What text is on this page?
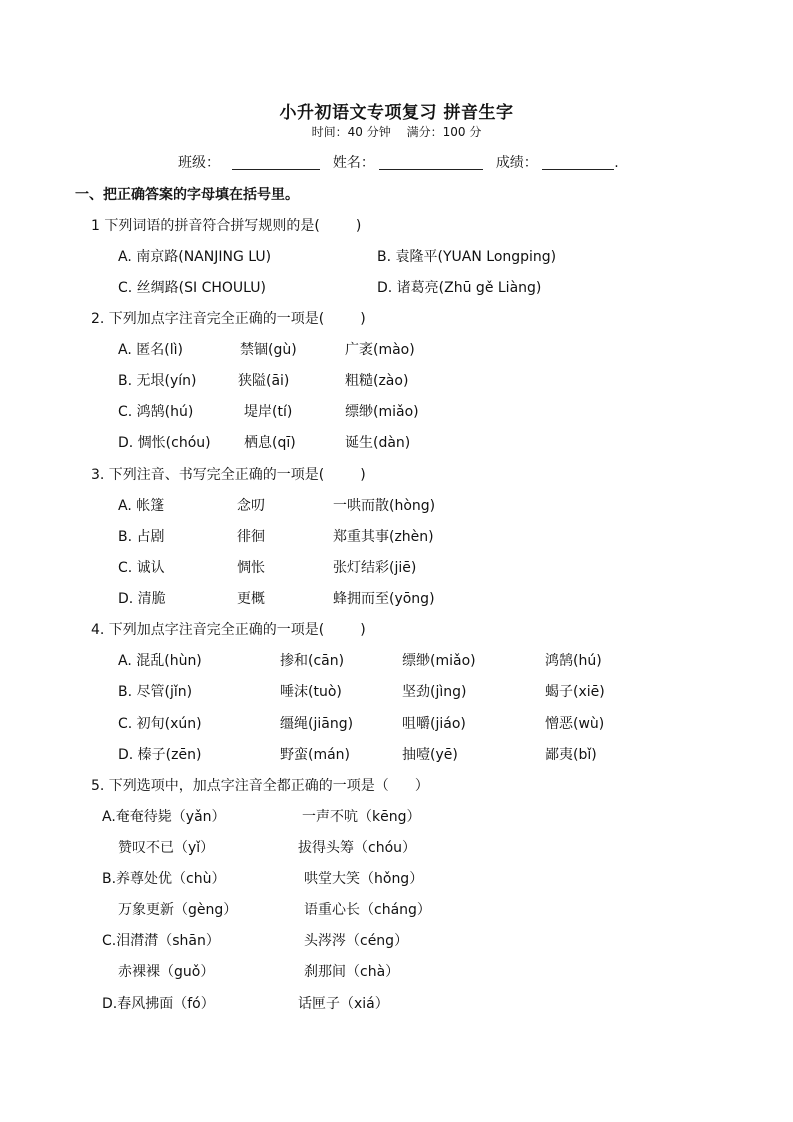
小升初语文专项复习 拼音生字
时间：40 分钟 满分：100 分
班级：	姓名：	成绩：	.
一、把正确答案的字母填在括号里。
1 下列词语的拼音符合拼写规则的是(	)
A. 南京路(NANJING LU)	B. 袁隆平(YUAN Longping)
C. 丝绸路(SI CHOULU)	D. 诸葛亮(Zhū gě Liàng)
2. 下列加点字注音完全正确的一项是(	)
A. 匿名(lì)	禁锢(gù)	广袤(mào)
B. 无垠(yín)	狭隘(āi)	粗糙(zào)
C. 鸿鹄(hú)	堤岸(tí)	缥缈(miǎo)
D. 惆怅(chóu) 栖息(qī)	诞生(dàn)
3. 下列注音、书写完全正确的一项是(	)
A. 帐篷	念叨	一哄而散(hòng)
B. 占剧	徘徊	郑重其事(zhèn)
C. 诚认	惆怅	张灯结彩(jiē)
D. 清脆	更概	蜂拥而至(yōng)
4. 下列加点字注音完全正确的一项是(	)
A. 混乱(hùn)	掺和(cān)	缥缈(miǎo)	鸿鹄(hú)
B. 尽管(jǐn)	唾沫(tuò)	坚劲(jìng)	蝎子(xiē)
C. 初旬(xún)	缰绳(jiāng)	咀嚼(jiáo)	憎恶(wù)
D. 榛子(zēn)	野蛮(mán)	抽噎(yē)	鄙夷(bǐ)
5. 下列选项中，加点字注音全都正确的一项是（ ）
A.奄奄待毙（yǎn）	一声不吭（kēng）
赞叹不已（yǐ）	拔得头筹（chóu）
B.养尊处优（chù）	哄堂大笑（hǒng）
万象更新（gèng）	语重心长（cháng）
C.泪潸潸（shān）	头涔涔（céng）
赤裸裸（guǒ）	刹那间（chà）
D.春风拂面（fó）	话匣子（xiá）
